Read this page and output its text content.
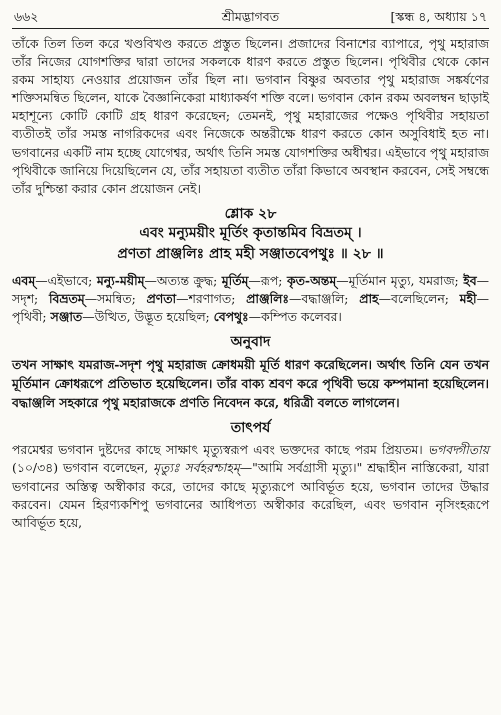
৬৬২	শ্রীমদ্ভাগবত	[স্কন্ধ ৪, অধ্যায় ১৭

তাঁকে তিল তিল করে খণ্ডবিখণ্ড করতে প্রস্তুত ছিলেন। প্রজাদের বিনাশের ব্যাপারে, পৃথু মহারাজ তাঁর নিজের যোগশক্তির দ্বারা তাদের সকলকে ধারণ করতে প্রস্তুত ছিলেন। পৃথিবীর থেকে কোন রকম সাহায্য নেওয়ার প্রয়োজন তাঁর ছিল না। ভগবান বিষ্ণুর অবতার পৃথু মহারাজ সঙ্কর্ষণের শক্তিসমন্বিত ছিলেন, যাকে বৈজ্ঞানিকেরা মাধ্যাকর্ষণ শক্তি বলে। ভগবান কোন রকম অবলম্বন ছাড়াই মহাশূন্যে কোটি কোটি গ্রহ ধারণ করেছেন; তেমনই, পৃথু মহারাজের পক্ষেও পৃথিবীর সহায়তা ব্যতীতই তাঁর সমস্ত নাগরিকদের এবং নিজেকে অন্তরীক্ষে ধারণ করতে কোন অসুবিধাই হত না। ভগবানের একটি নাম হচ্ছে যোগেশ্বর, অর্থাৎ তিনি সমস্ত যোগশক্তির অধীশ্বর। এইভাবে পৃথু মহারাজ পৃথিবীকে জানিয়ে দিয়েছিলেন যে, তাঁর সহায়তা ব্যতীত তাঁরা কিভাবে অবস্থান করবেন, সেই সম্বন্ধে তাঁর দুশ্চিন্তা করার কোন প্রয়োজন নেই।

শ্লোক ২৮
এবং মন্যুময়ীং মূর্তিং কৃতান্তমিব বিভ্রতম্ ।
প্রণতা প্রাঞ্জলিঃ প্রাহ মহী সঞ্জাতবেপথুঃ ॥ ২৮ ॥

এবম্—এইভাবে; মন্যু-ময়ীম্—অত্যন্ত ক্রুদ্ধ; মূর্তিম্—রূপ; কৃত-অন্তম্—মূর্তিমান মৃত্যু, যমরাজ; ইব—সদৃশ; বিভ্রতম্—সমন্বিত; প্রণতা—শরণাগত; প্রাঞ্জলিঃ—বদ্ধাঞ্জলি; প্রাহ—বলেছিলেন; মহী—পৃথিবী; সঞ্জাত—উত্থিত, উদ্ভূত হয়েছিল; বেপথুঃ—কম্পিত কলেবর।

অনুবাদ

তখন সাক্ষাৎ যমরাজ-সদৃশ পৃথু মহারাজ ক্রোধময়ী মূর্তি ধারণ করেছিলেন। অর্থাৎ তিনি যেন তখন মূর্তিমান ক্রোধরূপে প্রতিভাত হয়েছিলেন। তাঁর বাক্য শ্রবণ করে পৃথিবী ভয়ে কম্পমানা হয়েছিলেন। বদ্ধাঞ্জলি সহকারে পৃথু মহারাজকে প্রণতি নিবেদন করে, ধরিত্রী বলতে লাগলেন।

তাৎপর্য

পরমেশ্বর ভগবান দুষ্টদের কাছে সাক্ষাৎ মৃত্যুস্বরূপ এবং ভক্তদের কাছে পরম প্রিয়তম। ভগবদ্গীতায় (১০/৩৪) ভগবান বলেছেন, মৃত্যুঃ সর্বহরশ্চাহম্—"আমি সর্বগ্রাসী মৃত্যু।" শ্রদ্ধাহীন নাস্তিকেরা, যারা ভগবানের অস্তিত্ব অস্বীকার করে, তাদের কাছে মৃত্যুরূপে আবির্ভূত হয়ে, ভগবান তাদের উদ্ধার করবেন। যেমন হিরণ্যকশিপু ভগবানের আধিপত্য অস্বীকার করেছিল, এবং ভগবান নৃসিংহরূপে আবির্ভূত হয়ে,
